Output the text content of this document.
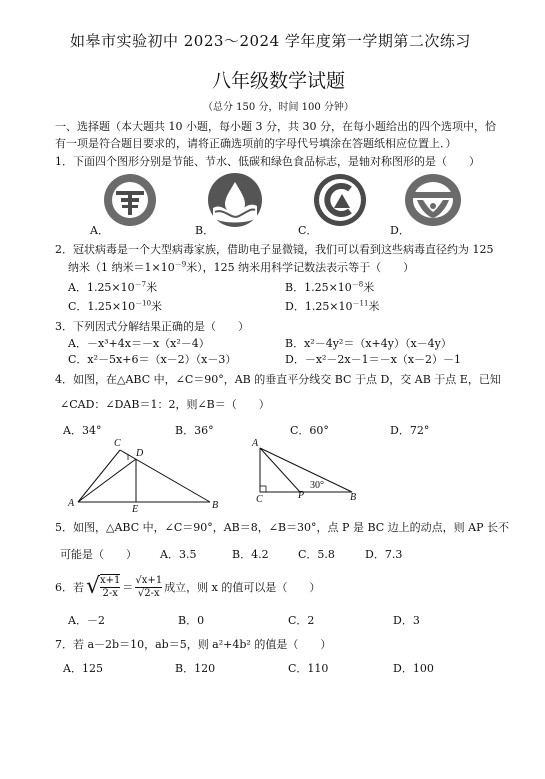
如皋市实验初中 2023～2024 学年度第一学期第二次练习
八年级数学试题
（总分 150 分，时间 100 分钟）
一、选择题（本大题共 10 小题，每小题 3 分，共 30 分，在每小题给出的四个选项中，恰
有一项是符合题目要求的，请将正确选项前的字母代号填涂在答题纸相应位置上．）
1．下面四个图形分别是节能、节水、低碳和绿色食品标志，是轴对称图形的是（　　）
A．	B．	C．	D．
2．冠状病毒是一个大型病毒家族，借助电子显微镜，我们可以看到这些病毒直径约为 125
纳米（1 纳米$=1\times 10^{-9}$米），125 纳米用科学记数法表示等于（　　）
A．$1.25\times 10^{-7}$米	B．$1.25\times 10^{-8}$米
C．$1.25\times 10^{-10}$米	D．$1.25\times 10^{-11}$米
3．下列因式分解结果正确的是（　　）
A．－x³+4x＝－x（x²－4）	B．x²－4y²＝（x+4y）（x－4y）
C．x²－5x+6＝（x－2）（x－3）	D．－x²－2x－1＝－x（x－2）－1
4．如图，在△ABC 中，∠C＝90°，AB 的垂直平分线交 BC 于点 D，交 AB 于点 E，已知
∠CAD：∠DAB＝1：2，则∠B＝（　　）
A．34°	B．36°	C．60°	D．72°
C
D
A
E	B
A
C	P	B
30°
5．如图，△ABC 中，∠C＝90°，AB＝8，∠B＝30°，点 P 是 BC 边上的动点，则 AP 长不
可能是（　　） A．3.5	B．4.2	C．5.8	D．7.3
6．若 √ x+1
2-x ＝
√x+1
√2-x 成立，则 x 的值可以是（　　）
A．－2	B．0	C．2	D．3
7．若 a－2b＝10，ab＝5，则 a²+4b² 的值是（　　）
A．125	B．120	C．110	D．100
